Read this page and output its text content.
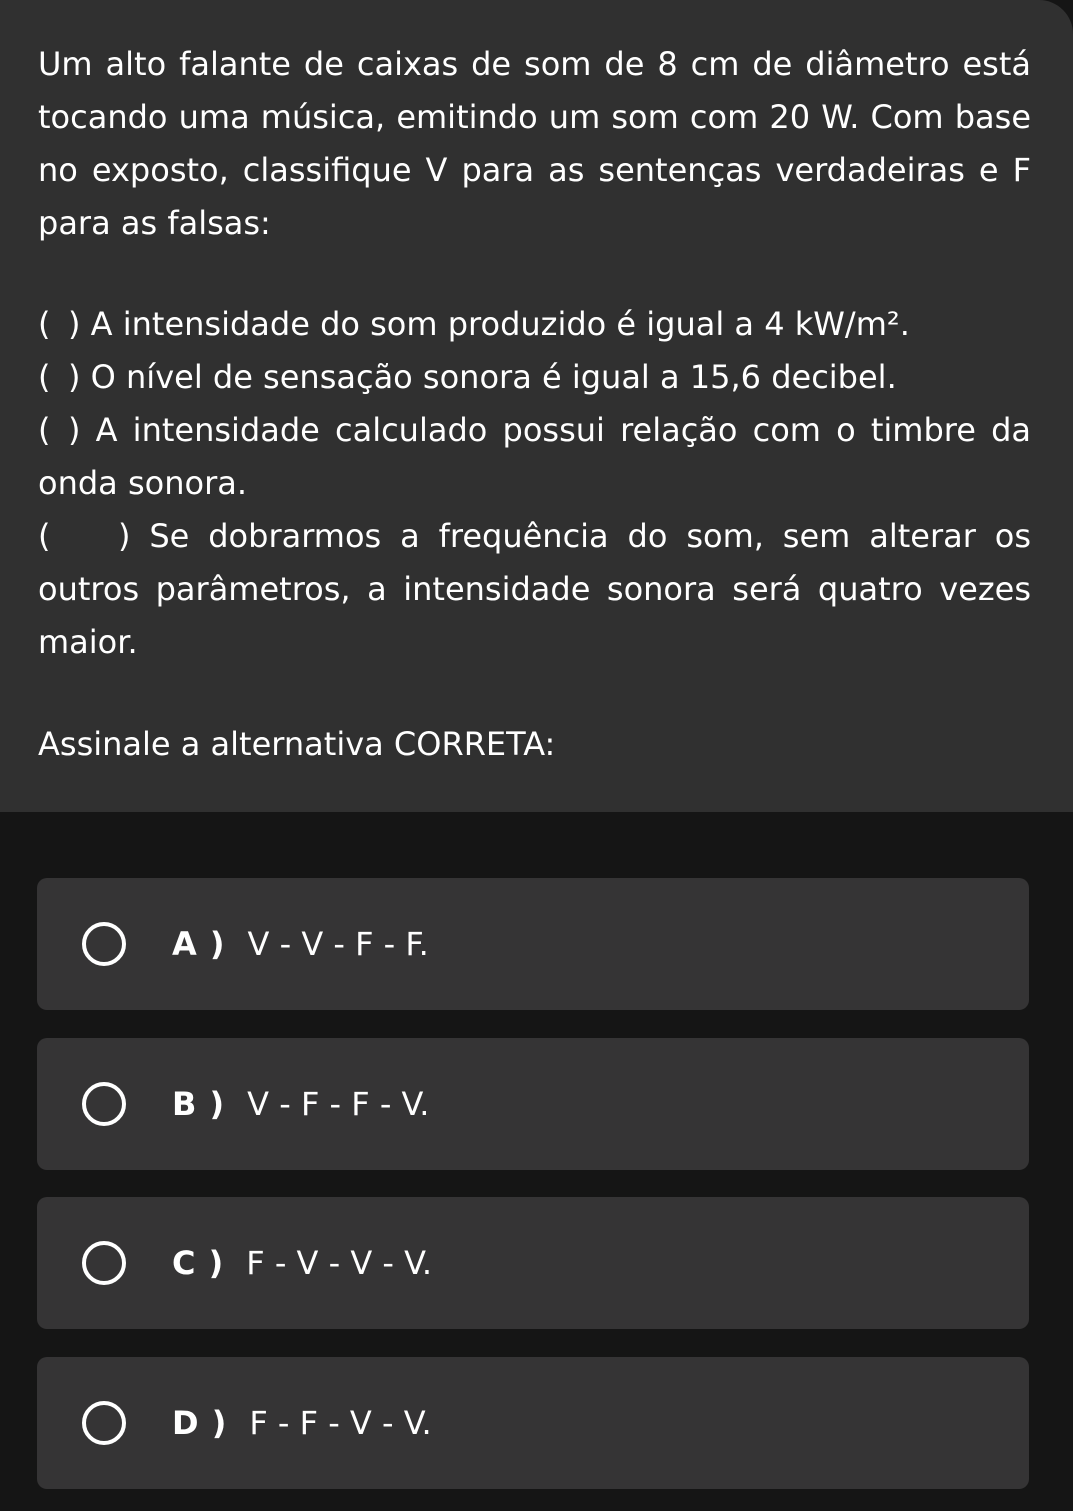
Um alto falante de caixas de som de 8 cm de diâmetro está tocando uma música, emitindo um som com 20 W. Com base no exposto, classifique V para as sentenças verdadeiras e F para as falsas:

( ) A intensidade do som produzido é igual a 4 kW/m².

( ) O nível de sensação sonora é igual a 15,6 decibel.

( ) A intensidade calculado possui relação com o timbre da onda sonora.

( ) Se dobrarmos a frequência do som, sem alterar os outros parâmetros, a intensidade sonora será quatro vezes maior.

Assinale a alternativa CORRETA:

A ) V - V - F - F.
B ) V - F - F - V.
C ) F - V - V - V.
D ) F - F - V - V.
